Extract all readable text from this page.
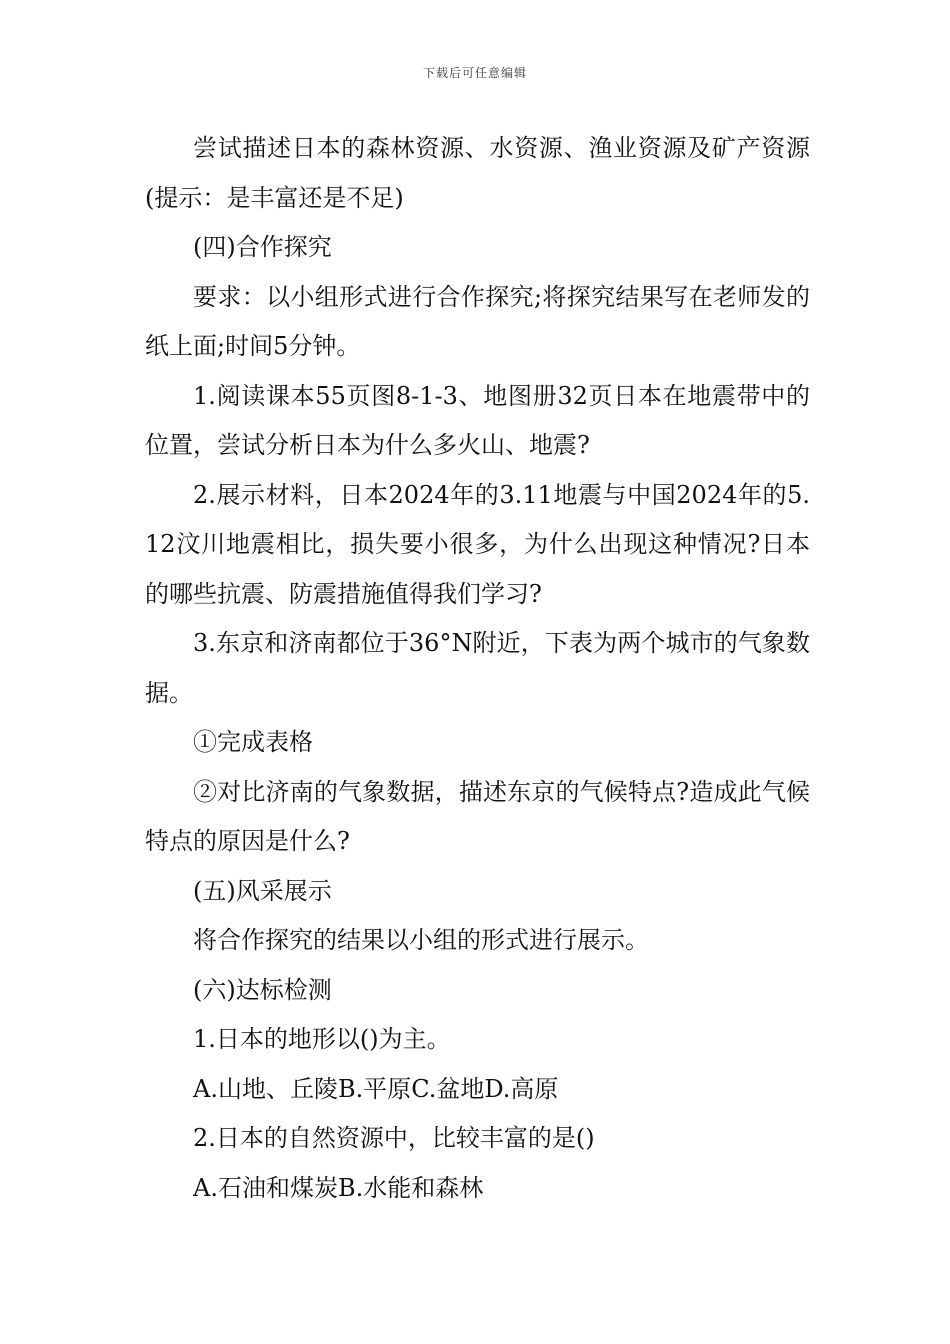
下载后可任意编辑

尝试描述日本的森林资源、水资源、渔业资源及矿产资源(提示：是丰富还是不足)

(四)合作探究

要求：以小组形式进行合作探究;将探究结果写在老师发的纸上面;时间5分钟。

1.阅读课本55页图8-1-3、地图册32页日本在地震带中的位置，尝试分析日本为什么多火山、地震?

2.展示材料，日本2024年的3.11地震与中国2024年的5.12汶川地震相比，损失要小很多，为什么出现这种情况?日本的哪些抗震、防震措施值得我们学习?

3.东京和济南都位于36°N附近，下表为两个城市的气象数据。

①完成表格

②对比济南的气象数据，描述东京的气候特点?造成此气候特点的原因是什么?

(五)风采展示

将合作探究的结果以小组的形式进行展示。

(六)达标检测

1.日本的地形以()为主。

A.山地、丘陵B.平原C.盆地D.高原

2.日本的自然资源中，比较丰富的是()

A.石油和煤炭B.水能和森林
